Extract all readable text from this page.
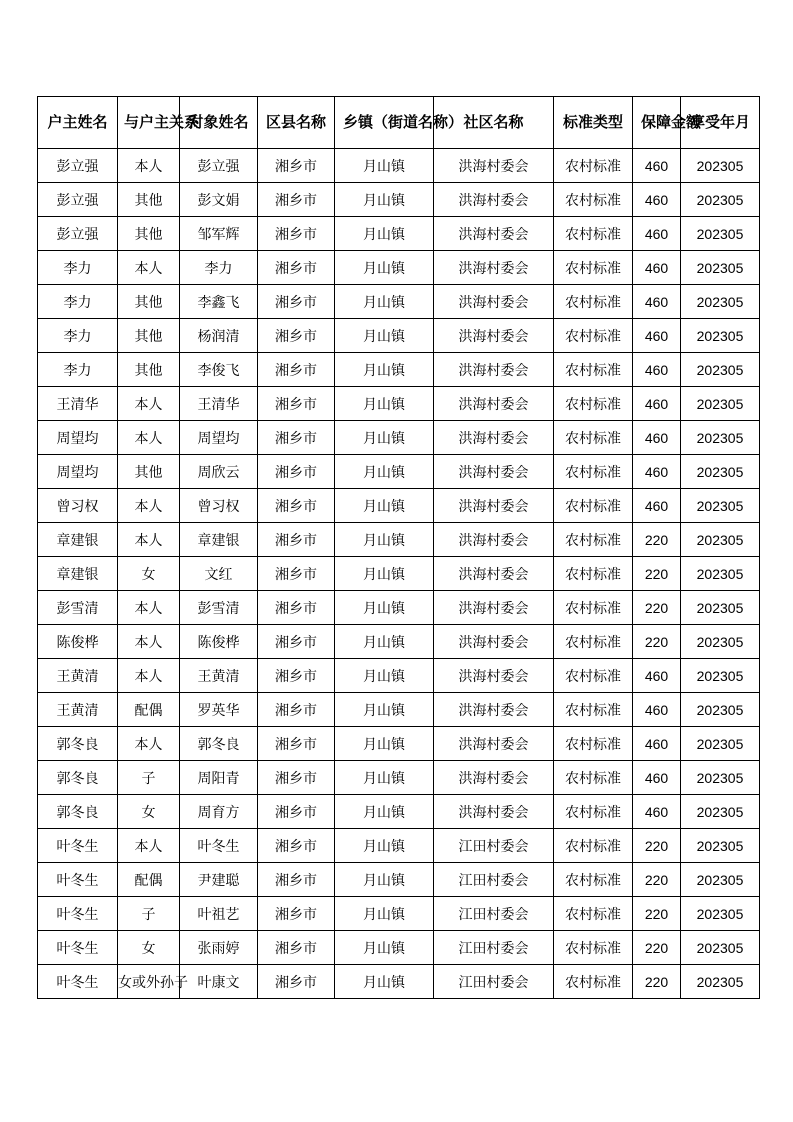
户主姓名	与户主关系	对象姓名	区县名称	乡镇（街道名称）	社区名称	标准类型	保障金额	享受年月
彭立强	本人	彭立强	湘乡市	月山镇	洪海村委会	农村标准	460	202305
彭立强	其他	彭文娟	湘乡市	月山镇	洪海村委会	农村标准	460	202305
彭立强	其他	邹军辉	湘乡市	月山镇	洪海村委会	农村标准	460	202305
李力	本人	李力	湘乡市	月山镇	洪海村委会	农村标准	460	202305
李力	其他	李鑫飞	湘乡市	月山镇	洪海村委会	农村标准	460	202305
李力	其他	杨润清	湘乡市	月山镇	洪海村委会	农村标准	460	202305
李力	其他	李俊飞	湘乡市	月山镇	洪海村委会	农村标准	460	202305
王清华	本人	王清华	湘乡市	月山镇	洪海村委会	农村标准	460	202305
周望均	本人	周望均	湘乡市	月山镇	洪海村委会	农村标准	460	202305
周望均	其他	周欣云	湘乡市	月山镇	洪海村委会	农村标准	460	202305
曾习权	本人	曾习权	湘乡市	月山镇	洪海村委会	农村标准	460	202305
章建银	本人	章建银	湘乡市	月山镇	洪海村委会	农村标准	220	202305
章建银	女	文红	湘乡市	月山镇	洪海村委会	农村标准	220	202305
彭雪清	本人	彭雪清	湘乡市	月山镇	洪海村委会	农村标准	220	202305
陈俊桦	本人	陈俊桦	湘乡市	月山镇	洪海村委会	农村标准	220	202305
王黄清	本人	王黄清	湘乡市	月山镇	洪海村委会	农村标准	460	202305
王黄清	配偶	罗英华	湘乡市	月山镇	洪海村委会	农村标准	460	202305
郭冬良	本人	郭冬良	湘乡市	月山镇	洪海村委会	农村标准	460	202305
郭冬良	子	周阳青	湘乡市	月山镇	洪海村委会	农村标准	460	202305
郭冬良	女	周育方	湘乡市	月山镇	洪海村委会	农村标准	460	202305
叶冬生	本人	叶冬生	湘乡市	月山镇	江田村委会	农村标准	220	202305
叶冬生	配偶	尹建聪	湘乡市	月山镇	江田村委会	农村标准	220	202305
叶冬生	子	叶祖艺	湘乡市	月山镇	江田村委会	农村标准	220	202305
叶冬生	女	张雨婷	湘乡市	月山镇	江田村委会	农村标准	220	202305
叶冬生	女或外孙子	叶康文	湘乡市	月山镇	江田村委会	农村标准	220	202305
